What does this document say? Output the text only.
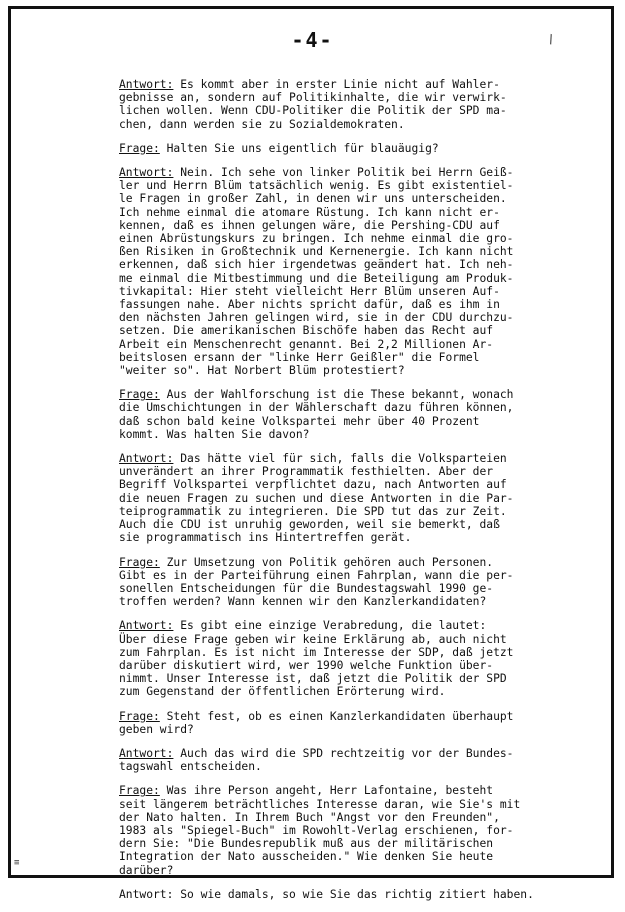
-4-	\

Antwort: Es kommt aber in erster Linie nicht auf Wahler-
gebnisse an, sondern auf Politikinhalte, die wir verwirk-
lichen wollen. Wenn CDU-Politiker die Politik der SPD ma-
chen, dann werden sie zu Sozialdemokraten.

Frage: Halten Sie uns eigentlich für blauäugig?

Antwort: Nein. Ich sehe von linker Politik bei Herrn Geiß-
ler und Herrn Blüm tatsächlich wenig. Es gibt existentiel-
le Fragen in großer Zahl, in denen wir uns unterscheiden.
Ich nehme einmal die atomare Rüstung. Ich kann nicht er-
kennen, daß es ihnen gelungen wäre, die Pershing-CDU auf
einen Abrüstungskurs zu bringen. Ich nehme einmal die gro-
ßen Risiken in Großtechnik und Kernenergie. Ich kann nicht
erkennen, daß sich hier irgendetwas geändert hat. Ich neh-
me einmal die Mitbestimmung und die Beteiligung am Produk-
tivkapital: Hier steht vielleicht Herr Blüm unseren Auf-
fassungen nahe. Aber nichts spricht dafür, daß es ihm in
den nächsten Jahren gelingen wird, sie in der CDU durchzu-
setzen. Die amerikanischen Bischöfe haben das Recht auf
Arbeit ein Menschenrecht genannt. Bei 2,2 Millionen Ar-
beitslosen ersann der "linke Herr Geißler" die Formel
"weiter so". Hat Norbert Blüm protestiert?

Frage: Aus der Wahlforschung ist die These bekannt, wonach
die Umschichtungen in der Wählerschaft dazu führen können,
daß schon bald keine Volkspartei mehr über 40 Prozent
kommt. Was halten Sie davon?

Antwort: Das hätte viel für sich, falls die Volksparteien
unverändert an ihrer Programmatik festhielten. Aber der
Begriff Volkspartei verpflichtet dazu, nach Antworten auf
die neuen Fragen zu suchen und diese Antworten in die Par-
teiprogrammatik zu integrieren. Die SPD tut das zur Zeit.
Auch die CDU ist unruhig geworden, weil sie bemerkt, daß
sie programmatisch ins Hintertreffen gerät.

Frage: Zur Umsetzung von Politik gehören auch Personen.
Gibt es in der Parteiführung einen Fahrplan, wann die per-
sonellen Entscheidungen für die Bundestagswahl 1990 ge-
troffen werden? Wann kennen wir den Kanzlerkandidaten?

Antwort: Es gibt eine einzige Verabredung, die lautet:
Über diese Frage geben wir keine Erklärung ab, auch nicht
zum Fahrplan. Es ist nicht im Interesse der SDP, daß jetzt
darüber diskutiert wird, wer 1990 welche Funktion über-
nimmt. Unser Interesse ist, daß jetzt die Politik der SPD
zum Gegenstand der öffentlichen Erörterung wird.

Frage: Steht fest, ob es einen Kanzlerkandidaten überhaupt
geben wird?

Antwort: Auch das wird die SPD rechtzeitig vor der Bundes-
tagswahl entscheiden.

Frage: Was ihre Person angeht, Herr Lafontaine, besteht
seit längerem beträchtliches Interesse daran, wie Sie's mit
der Nato halten. In Ihrem Buch "Angst vor den Freunden",
1983 als "Spiegel-Buch" im Rowohlt-Verlag erschienen, for-
dern Sie: "Die Bundesrepublik muß aus der militärischen
Integration der Nato ausscheiden." Wie denken Sie heute
darüber?

Antwort: So wie damals, so wie Sie das richtig zitiert haben.

≡
